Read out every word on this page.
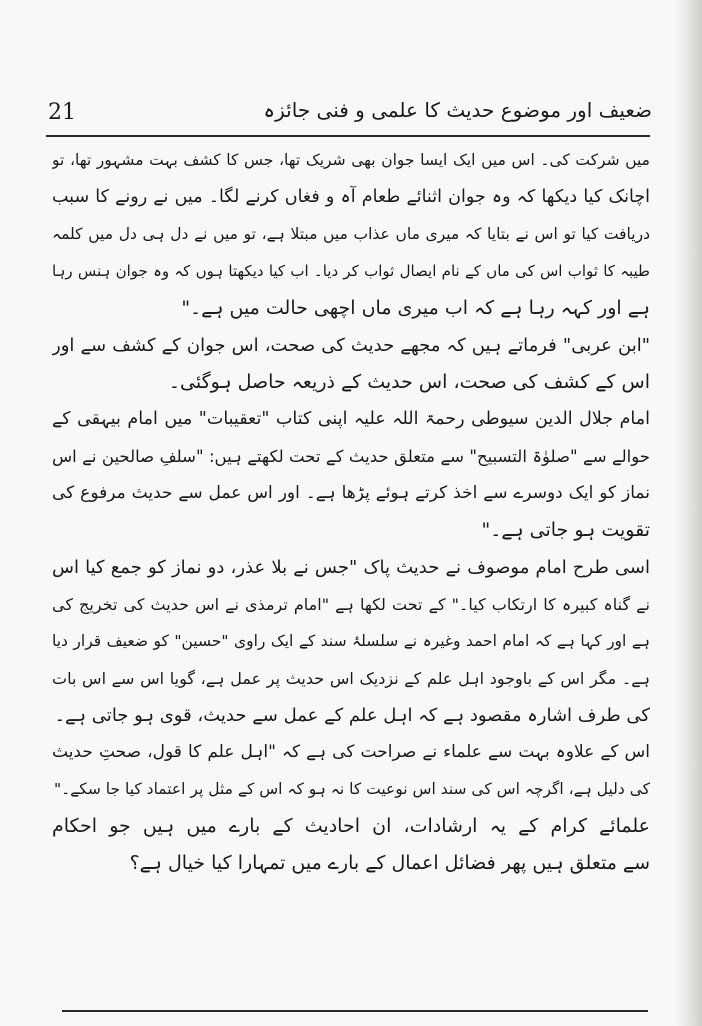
21	ضعیف اور موضوع حدیث کا علمی و فنی جائزہ
میں شرکت کی۔ اس میں ایک ایسا جوان بھی شریک تھا، جس کا کشف بہت مشہور تھا، تو
اچانک کیا دیکھا کہ وہ جوان اثنائے طعام آہ و فغاں کرنے لگا۔ میں نے رونے کا سبب
دریافت کیا تو اس نے بتایا کہ میری ماں عذاب میں مبتلا ہے، تو میں نے دل ہی دل میں کلمہ
طیبہ کا ثواب اس کی ماں کے نام ایصال ثواب کر دیا۔ اب کیا دیکھتا ہوں کہ وہ جوان ہنس رہا
ہے اور کہہ رہا ہے کہ اب میری ماں اچھی حالت میں ہے۔"
"ابن عربی" فرماتے ہیں کہ مجھے حدیث کی صحت، اس جوان کے کشف سے اور
اس کے کشف کی صحت، اس حدیث کے ذریعہ حاصل ہوگئی۔
امام جلال الدین سیوطی رحمۃ اللہ علیہ اپنی کتاب "تعقیبات" میں امام بیہقی کے
حوالے سے "صلوٰۃ التسبیح" سے متعلق حدیث کے تحت لکھتے ہیں: "سلفِ صالحین نے اس
نماز کو ایک دوسرے سے اخذ کرتے ہوئے پڑھا ہے۔ اور اس عمل سے حدیث مرفوع کی
تقویت ہو جاتی ہے۔"
اسی طرح امام موصوف نے حدیث پاک "جس نے بلا عذر، دو نماز کو جمع کیا اس
نے گناہ کبیرہ کا ارتکاب کیا۔" کے تحت لکھا ہے "امام ترمذی نے اس حدیث کی تخریج کی
ہے اور کہا ہے کہ امام احمد وغیرہ نے سلسلۂ سند کے ایک راوی "حسین" کو ضعیف قرار دیا
ہے۔ مگر اس کے باوجود اہل علم کے نزدیک اس حدیث پر عمل ہے، گویا اس سے اس بات
کی طرف اشارہ مقصود ہے کہ اہل علم کے عمل سے حدیث، قوی ہو جاتی ہے۔
اس کے علاوہ بہت سے علماء نے صراحت کی ہے کہ "اہل علم کا قول، صحتِ حدیث
کی دلیل ہے، اگرچہ اس کی سند اس نوعیت کا نہ ہو کہ اس کے مثل پر اعتماد کیا جا سکے۔"
علمائے کرام کے یہ ارشادات، ان احادیث کے بارے میں ہیں جو احکام
سے متعلق ہیں پھر فضائل اعمال کے بارے میں تمہارا کیا خیال ہے؟
